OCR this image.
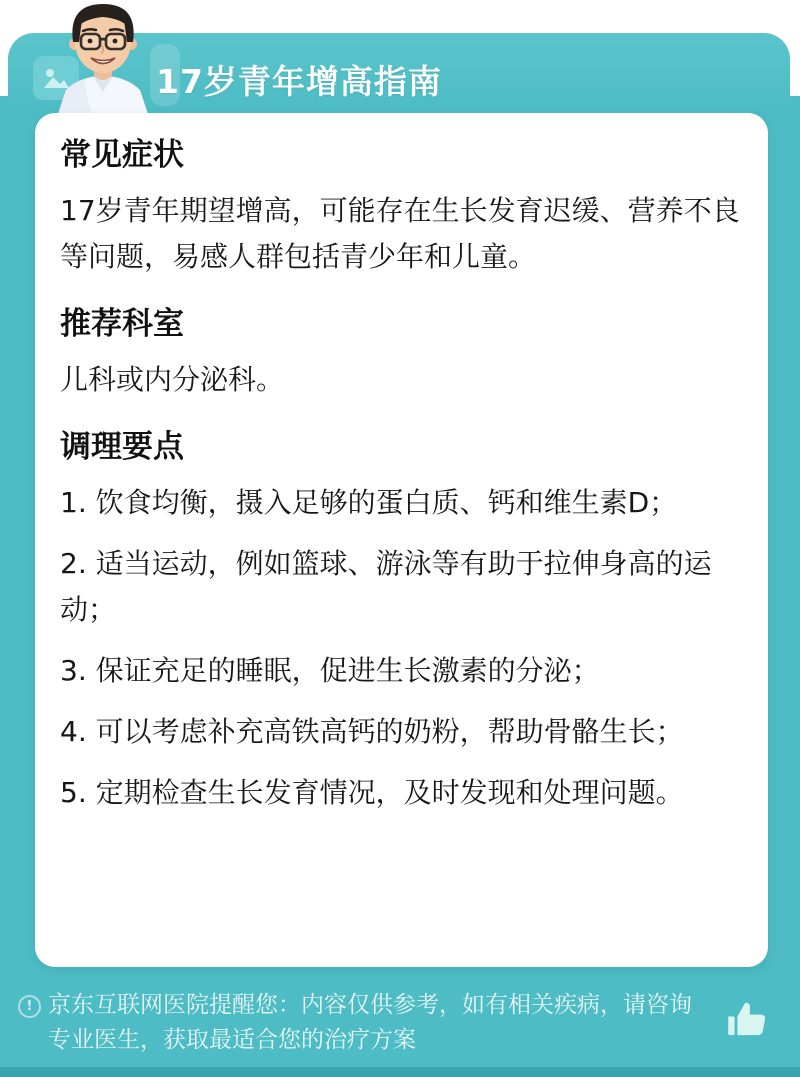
17岁青年增高指南
常见症状

17岁青年期望增高，可能存在生长发育迟缓、营养不良等问题，易感人群包括青少年和儿童。

推荐科室

儿科或内分泌科。

调理要点

1. 饮食均衡，摄入足够的蛋白质、钙和维生素D；

2. 适当运动，例如篮球、游泳等有助于拉伸身高的运动；

3. 保证充足的睡眠，促进生长激素的分泌；

4. 可以考虑补充高铁高钙的奶粉，帮助骨骼生长；

5. 定期检查生长发育情况，及时发现和处理问题。

! 京东互联网医院提醒您：内容仅供参考，如有相关疾病，请咨询专业医生，获取最适合您的治疗方案
